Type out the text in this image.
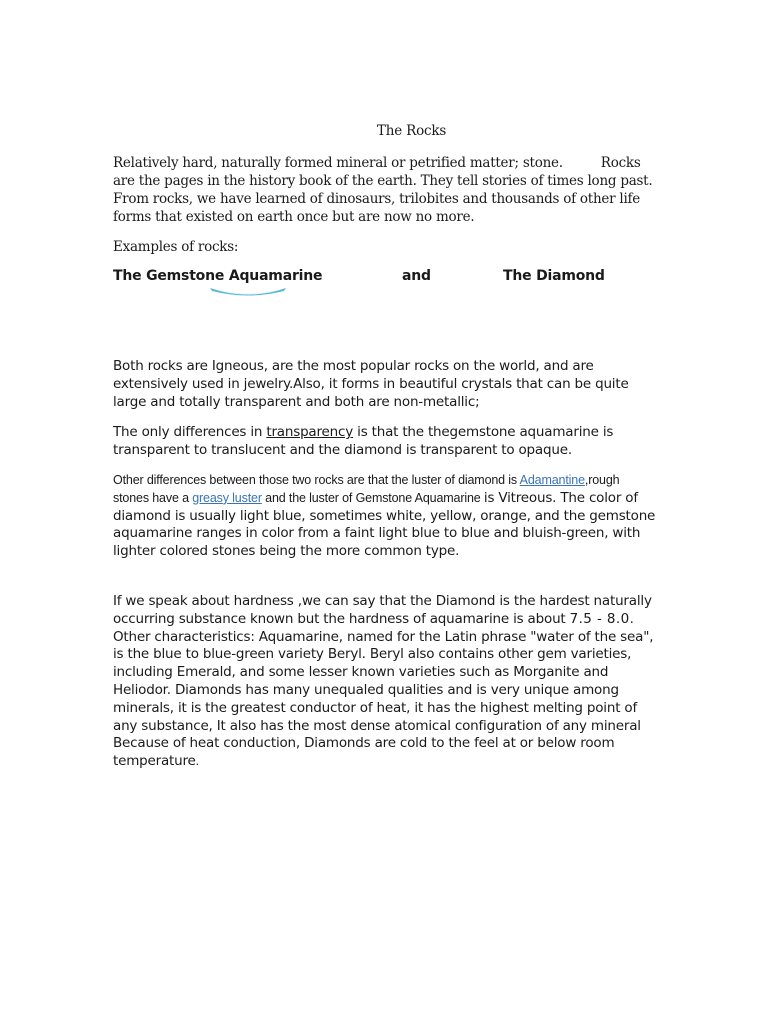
The Rocks

Relatively hard, naturally formed mineral or petrified matter; stone.	Rocks are the pages in the history book of the earth. They tell stories of times long past. From rocks, we have learned of dinosaurs, trilobites and thousands of other life forms that existed on earth once but are now no more.

Examples of rocks:

The Gemstone Aquamarine	and	The Diamond

Both rocks are Igneous, are the most popular rocks on the world, and are extensively used in jewelry.Also, it forms in beautiful crystals that can be quite large and totally transparent and both are non-metallic;

The only differences in transparency is that the thegemstone aquamarine is transparent to translucent and the diamond is transparent to opaque.

Other differences between those two rocks are that the luster of diamond is Adamantine,rough stones have a greasy luster and the luster of Gemstone Aquamarine is Vitreous. The color of diamond is usually light blue, sometimes white, yellow, orange, and the gemstone aquamarine ranges in color from a faint light blue to blue and bluish-green, with lighter colored stones being the more common type.

If we speak about hardness ,we can say that the Diamond is the hardest naturally occurring substance known but the hardness of aquamarine is about 7.5 - 8.0. Other characteristics: Aquamarine, named for the Latin phrase "water of the sea", is the blue to blue-green variety Beryl. Beryl also contains other gem varieties, including Emerald, and some lesser known varieties such as Morganite and Heliodor. Diamonds has many unequaled qualities and is very unique among minerals, it is the greatest conductor of heat, it has the highest melting point of any substance, It also has the most dense atomical configuration of any mineral Because of heat conduction, Diamonds are cold to the feel at or below room temperature.
